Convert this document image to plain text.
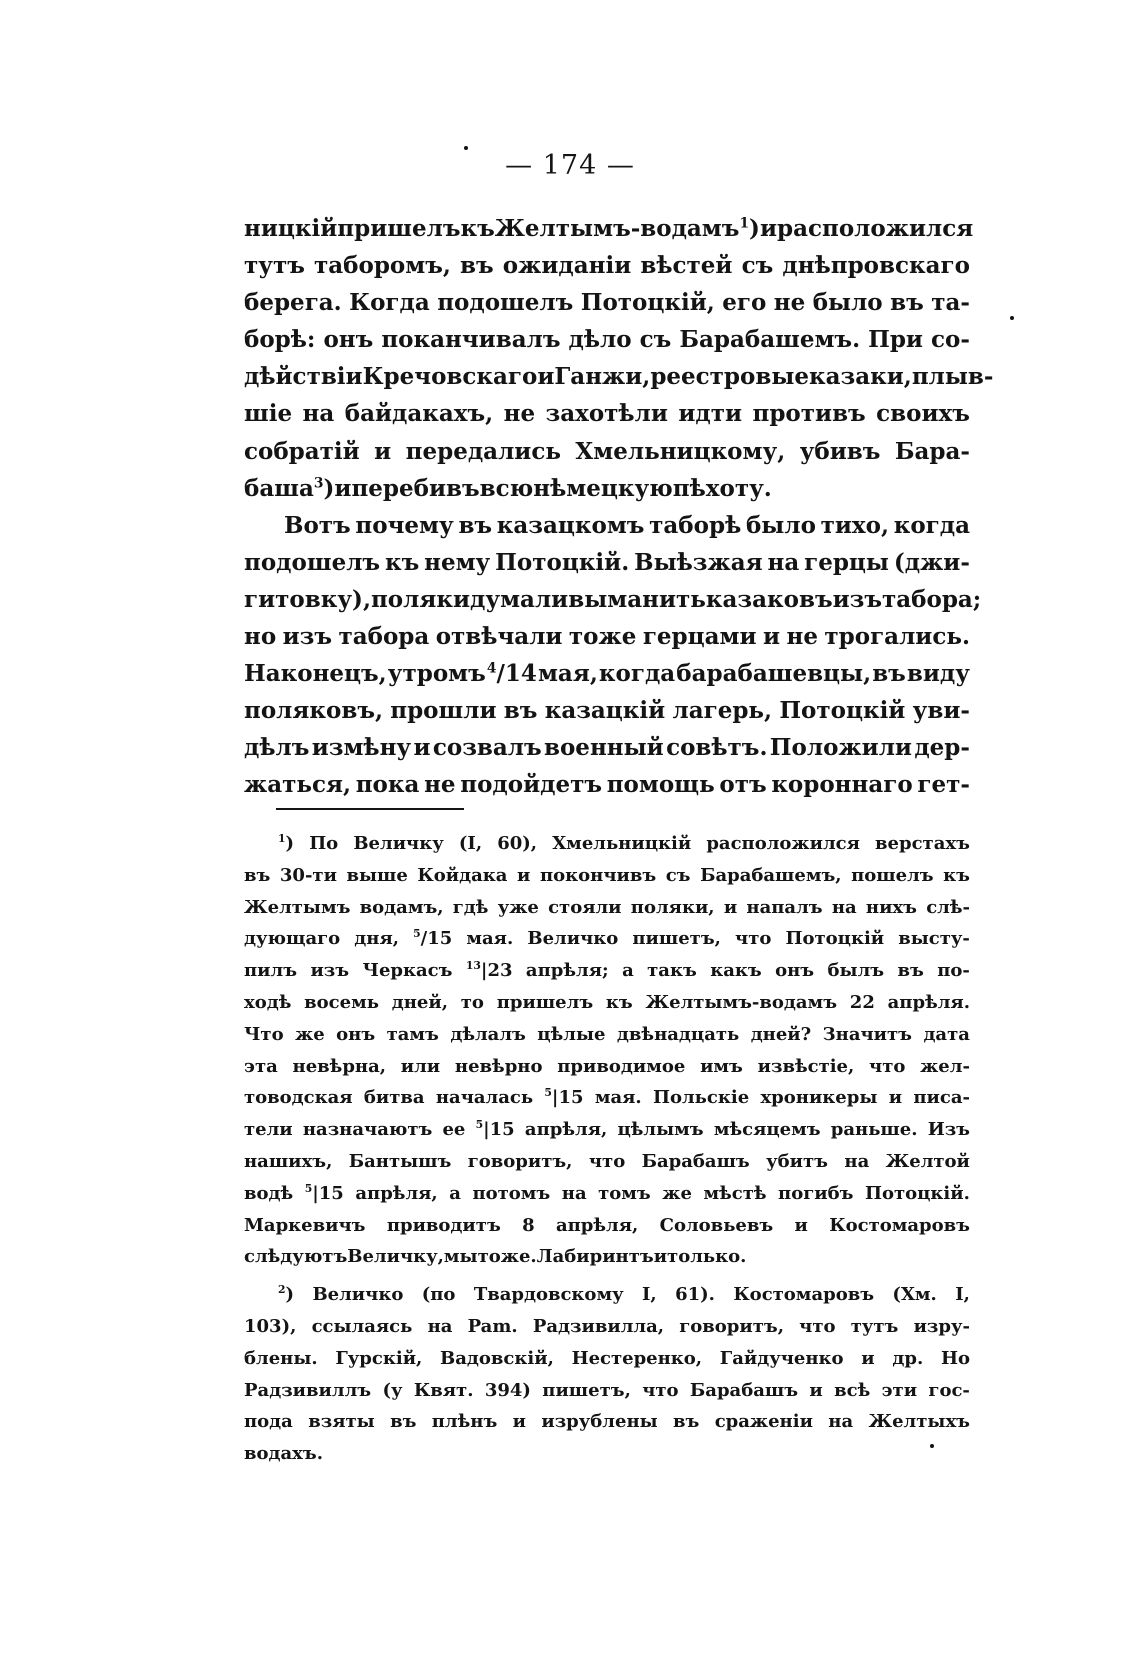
— 174 —
ницкій пришелъ къ Желтымъ-водамъ $^1$) и расположился
тутъ таборомъ, въ ожиданіи вѣстей съ днѣпровскаго
берега. Когда подошелъ Потоцкій, его не было въ та-
борѣ: онъ поканчивалъ дѣло съ Барабашемъ. При со-
дѣйствіи Кречовскаго и Ганжи, реестровые казаки, плыв-
шіе на байдакахъ, не захотѣли идти противъ своихъ
собратій и передались Хмельницкому, убивъ Бара-
баша $^3$) и перебивъ всю нѣмецкую пѣхоту.
Вотъ почему въ казацкомъ таборѣ было тихо, когда
подошелъ къ нему Потоцкій. Выѣзжая на герцы (джи-
гитовку), поляки думали выманить казаковъ изъ табора;
но изъ табора отвѣчали тоже герцами и не трогались.
Наконецъ, утромъ $^4$/14 мая, когда барабашевцы, въ виду
поляковъ, прошли въ казацкій лагерь, Потоцкій уви-
дѣлъ измѣну и созвалъ военный совѣтъ. Положили дер-
жаться, пока не подойдетъ помощь отъ короннаго гет-
$^1$) По Величку (I, 60), Хмельницкій расположился верстахъ
въ 30-ти выше Койдака и покончивъ съ Барабашемъ, пошелъ къ
Желтымъ водамъ, гдѣ уже стояли поляки, и напалъ на нихъ слѣ-
дующаго дня, $^5$/15 мая. Величко пишетъ, что Потоцкій высту-
пилъ изъ Черкасъ $^{13}$|23 апрѣля; а такъ какъ онъ былъ въ по-
ходѣ восемь дней, то пришелъ къ Желтымъ-водамъ 22 апрѣля.
Что же онъ тамъ дѣлалъ цѣлые двѣнадцать дней? Значитъ дата
эта невѣрна, или невѣрно приводимое имъ извѣстіе, что жел-
товодская битва началась $^5$|15 мая. Польскіе хроникеры и писа-
тели назначаютъ ее $^5$|15 апрѣля, цѣлымъ мѣсяцемъ раньше. Изъ
нашихъ, Бантышъ говоритъ, что Барабашъ убитъ на Желтой
водѣ $^5$|15 апрѣля, а потомъ на томъ же мѣстѣ погибъ Потоцкій.
Маркевичъ приводитъ 8 апрѣля, Соловьевъ и Костомаровъ
слѣдуютъ Величку, мы тоже. Лабиринтъ и только.
$^2$) Величко (по Твардовскому I, 61). Костомаровъ (Хм. I,
103), ссылаясь на Pam. Радзивилла, говоритъ, что тутъ изру-
блены. Гурскій, Вадовскій, Нестеренко, Гайдученко и др. Но
Радзивиллъ (у Квят. 394) пишетъ, что Барабашъ и всѣ эти гос-
пода взяты въ плѣнъ и изрублены въ сраженіи на Желтыхъ
водахъ.
